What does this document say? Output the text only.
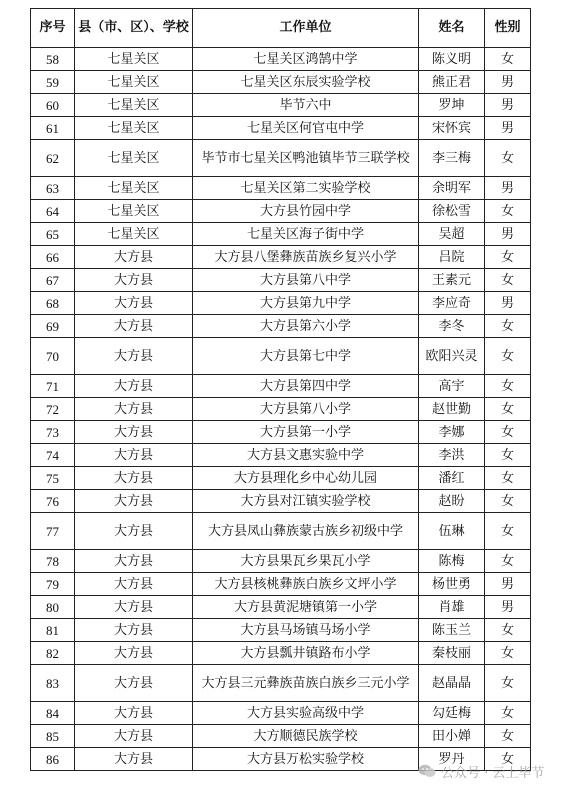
序号	县（市、区）、学校	工作单位	姓名	性别
58	七星关区	七星关区鸿鹄中学	陈义明	女
59	七星关区	七星关区东辰实验学校	熊正君	男
60	七星关区	毕节六中	罗坤	男
61	七星关区	七星关区何官屯中学	宋怀宾	男
62	七星关区	毕节市七星关区鸭池镇毕节三联学校	李三梅	女
63	七星关区	七星关区第二实验学校	余明军	男
64	七星关区	大方县竹园中学	徐松雪	女
65	七星关区	七星关区海子街中学	吴超	男
66	大方县	大方县八堡彝族苗族乡复兴小学	吕院	女
67	大方县	大方县第八中学	王素元	女
68	大方县	大方县第九中学	李应奇	男
69	大方县	大方县第六小学	李冬	女
70	大方县	大方县第七中学	欧阳兴灵	女
71	大方县	大方县第四中学	高宇	女
72	大方县	大方县第八小学	赵世勤	女
73	大方县	大方县第一小学	李娜	女
74	大方县	大方县文惠实验中学	李洪	女
75	大方县	大方县理化乡中心幼儿园	潘红	女
76	大方县	大方县对江镇实验学校	赵盼	女
77	大方县	大方县凤山彝族蒙古族乡初级中学	伍琳	女
78	大方县	大方县果瓦乡果瓦小学	陈梅	女
79	大方县	大方县核桃彝族白族乡文坪小学	杨世勇	男
80	大方县	大方县黄泥塘镇第一小学	肖雄	男
81	大方县	大方县马场镇马场小学	陈玉兰	女
82	大方县	大方县瓢井镇路布小学	秦枝丽	女
83	大方县	大方县三元彝族苗族白族乡三元小学	赵晶晶	女
84	大方县	大方县实验高级中学	勾廷梅	女
85	大方县	大方顺德民族学校	田小婵	女
86	大方县	大方县万松实验学校	罗丹	女
公众号 · 云上毕节
